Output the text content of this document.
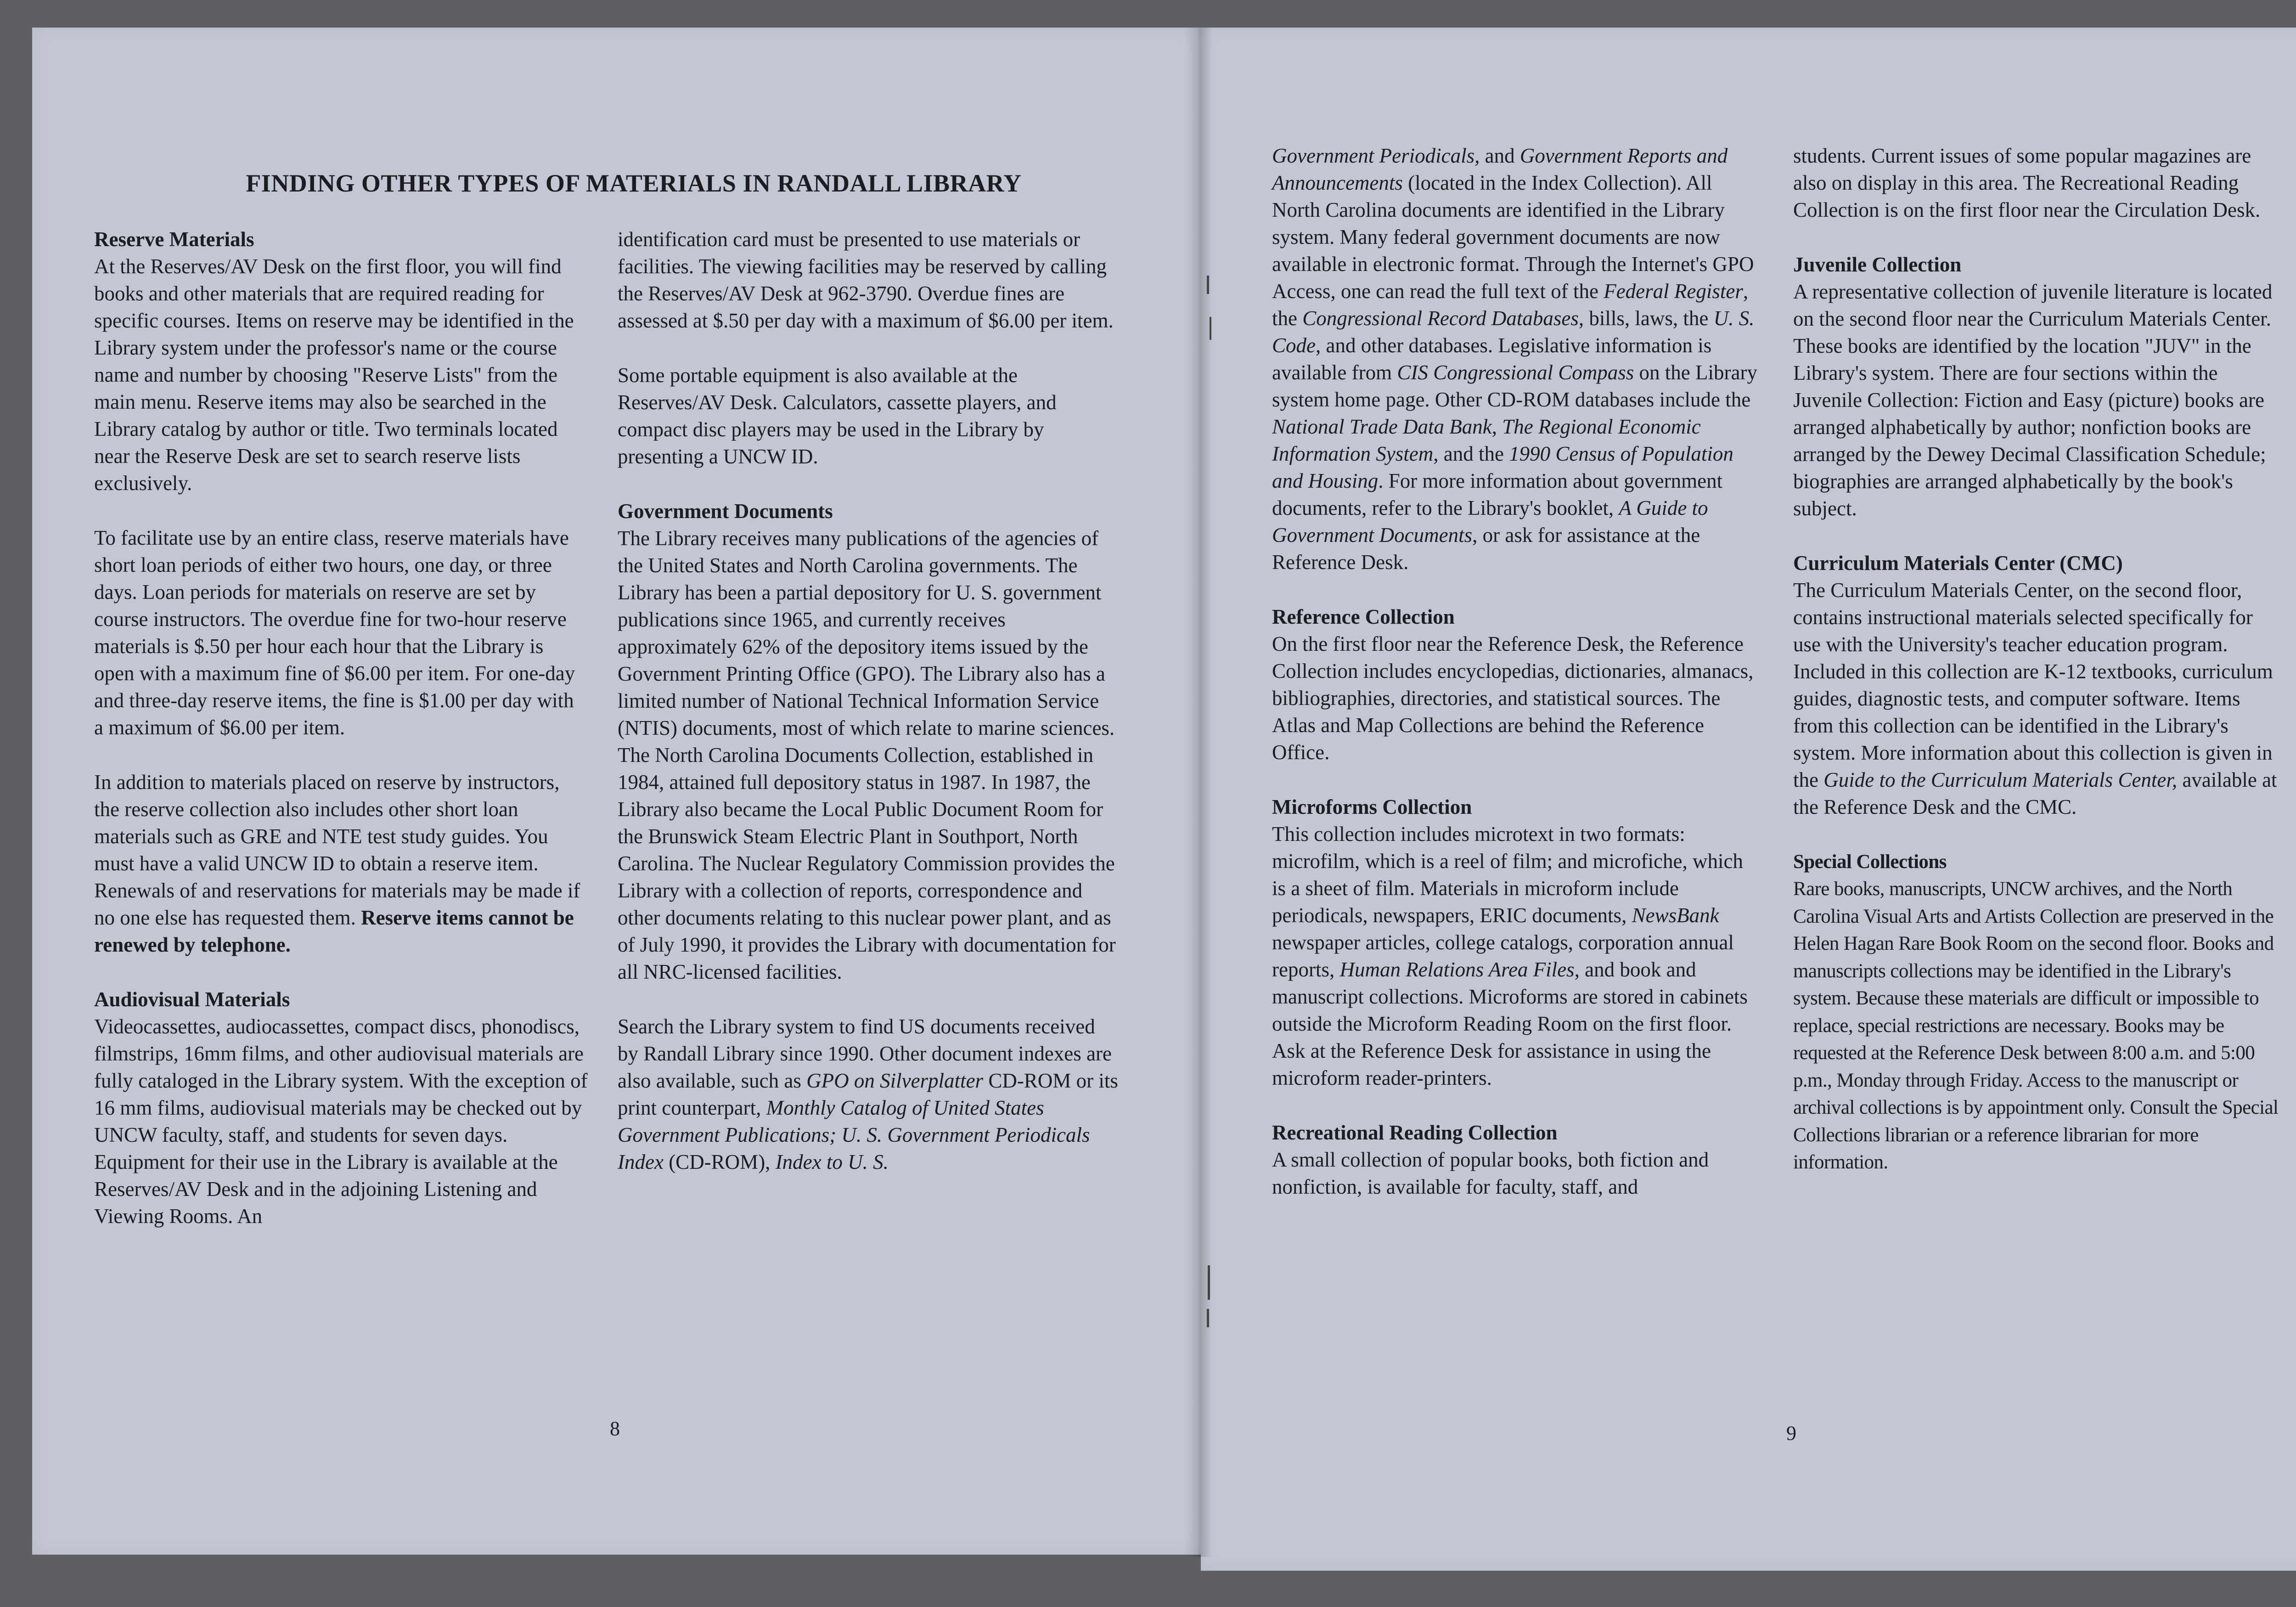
FINDING OTHER TYPES OF MATERIALS IN RANDALL LIBRARY
Reserve Materials

At the Reserves/AV Desk on the first floor, you will find books and other materials that are required reading for specific courses. Items on reserve may be identified in the Library system under the professor's name or the course name and number by choosing "Reserve Lists" from the main menu. Reserve items may also be searched in the Library catalog by author or title. Two terminals located near the Reserve Desk are set to search reserve lists exclusively.

To facilitate use by an entire class, reserve materials have short loan periods of either two hours, one day, or three days. Loan periods for materials on reserve are set by course instructors. The overdue fine for two-hour reserve materials is $.50 per hour each hour that the Library is open with a maximum fine of $6.00 per item. For one-day and three-day reserve items, the fine is $1.00 per day with a maximum of $6.00 per item.

In addition to materials placed on reserve by instructors, the reserve collection also includes other short loan materials such as GRE and NTE test study guides. You must have a valid UNCW ID to obtain a reserve item. Renewals of and reservations for materials may be made if no one else has requested them. Reserve items cannot be renewed by telephone.

Audiovisual Materials

Videocassettes, audiocassettes, compact discs, phonodiscs, filmstrips, 16mm films, and other audiovisual materials are fully cataloged in the Library system. With the exception of 16 mm films, audiovisual materials may be checked out by UNCW faculty, staff, and students for seven days. Equipment for their use in the Library is available at the Reserves/AV Desk and in the adjoining Listening and Viewing Rooms. An

identification card must be presented to use materials or facilities. The viewing facilities may be reserved by calling the Reserves/AV Desk at 962-3790. Overdue fines are assessed at $.50 per day with a maximum of $6.00 per item.

Some portable equipment is also available at the Reserves/AV Desk. Calculators, cassette players, and compact disc players may be used in the Library by presenting a UNCW ID.

Government Documents

The Library receives many publications of the agencies of the United States and North Carolina governments. The Library has been a partial depository for U. S. government publications since 1965, and currently receives approximately 62% of the depository items issued by the Government Printing Office (GPO). The Library also has a limited number of National Technical Information Service (NTIS) documents, most of which relate to marine sciences. The North Carolina Documents Collection, established in 1984, attained full depository status in 1987. In 1987, the Library also became the Local Public Document Room for the Brunswick Steam Electric Plant in Southport, North Carolina. The Nuclear Regulatory Commission provides the Library with a collection of reports, correspondence and other documents relating to this nuclear power plant, and as of July 1990, it provides the Library with documentation for all NRC-licensed facilities.

Search the Library system to find US documents received by Randall Library since 1990. Other document indexes are also available, such as GPO on Silverplatter CD-ROM or its print counterpart, Monthly Catalog of United States Government Publications; U. S. Government Periodicals Index (CD-ROM), Index to U. S.

Government Periodicals, and Government Reports and Announcements (located in the Index Collection). All North Carolina documents are identified in the Library system. Many federal government documents are now available in electronic format. Through the Internet's GPO Access, one can read the full text of the Federal Register, the Congressional Record Databases, bills, laws, the U. S. Code, and other databases. Legislative information is available from CIS Congressional Compass on the Library system home page. Other CD-ROM databases include the National Trade Data Bank, The Regional Economic Information System, and the 1990 Census of Population and Housing. For more information about government documents, refer to the Library's booklet, A Guide to Government Documents, or ask for assistance at the Reference Desk.

Reference Collection

On the first floor near the Reference Desk, the Reference Collection includes encyclopedias, dictionaries, almanacs, bibliographies, directories, and statistical sources. The Atlas and Map Collections are behind the Reference Office.

Microforms Collection

This collection includes microtext in two formats: microfilm, which is a reel of film; and microfiche, which is a sheet of film. Materials in microform include periodicals, newspapers, ERIC documents, NewsBank newspaper articles, college catalogs, corporation annual reports, Human Relations Area Files, and book and manuscript collections. Microforms are stored in cabinets outside the Microform Reading Room on the first floor. Ask at the Reference Desk for assistance in using the microform reader-printers.

Recreational Reading Collection

A small collection of popular books, both fiction and nonfiction, is available for faculty, staff, and

students. Current issues of some popular magazines are also on display in this area. The Recreational Reading Collection is on the first floor near the Circulation Desk.

Juvenile Collection

A representative collection of juvenile literature is located on the second floor near the Curriculum Materials Center. These books are identified by the location "JUV" in the Library's system. There are four sections within the Juvenile Collection: Fiction and Easy (picture) books are arranged alphabetically by author; nonfiction books are arranged by the Dewey Decimal Classification Schedule; biographies are arranged alphabetically by the book's subject.

Curriculum Materials Center (CMC)

The Curriculum Materials Center, on the second floor, contains instructional materials selected specifically for use with the University's teacher education program. Included in this collection are K-12 textbooks, curriculum guides, diagnostic tests, and computer software. Items from this collection can be identified in the Library's system. More information about this collection is given in the Guide to the Curriculum Materials Center, available at the Reference Desk and the CMC.

Special Collections

Rare books, manuscripts, UNCW archives, and the North Carolina Visual Arts and Artists Collection are preserved in the Helen Hagan Rare Book Room on the second floor. Books and manuscripts collections may be identified in the Library's system. Because these materials are difficult or impossible to replace, special restrictions are necessary. Books may be requested at the Reference Desk between 8:00 a.m. and 5:00 p.m., Monday through Friday. Access to the manuscript or archival collections is by appointment only. Consult the Special Collections librarian or a reference librarian for more information.

8	9
